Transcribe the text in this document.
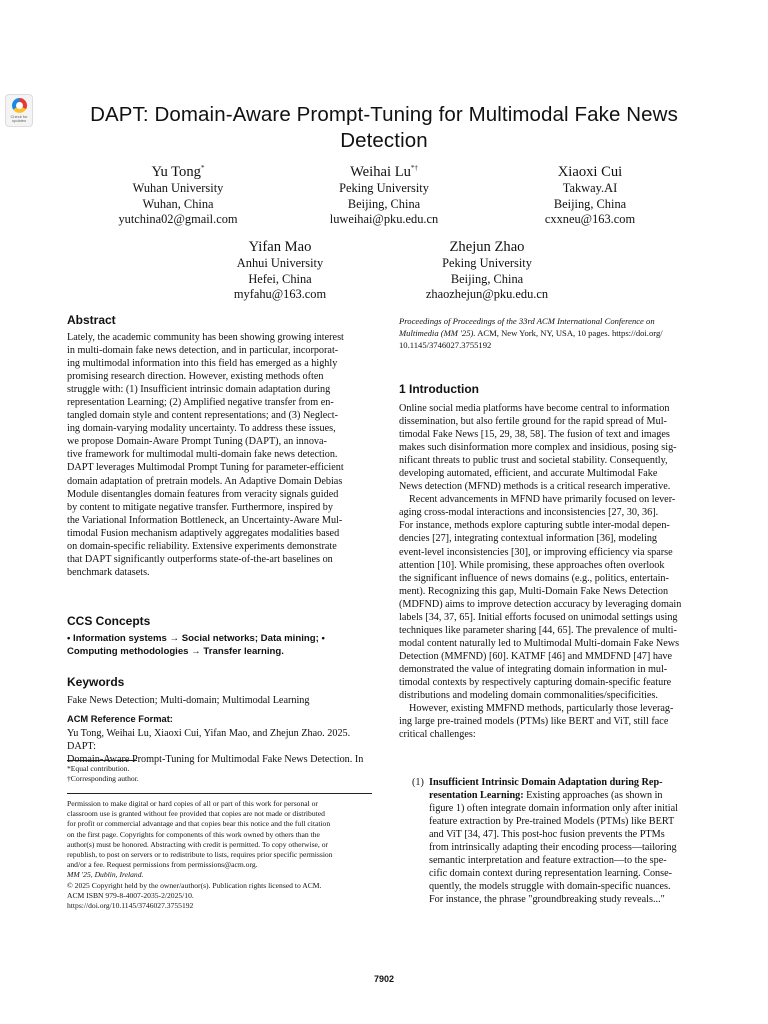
Check for updates	DAPT: Domain-Aware Prompt-Tuning for Multimodal Fake News Detection
Yu Tong*
Wuhan University
Wuhan, China
yutchina02@gmail.com
Weihai Lu*†
Peking University
Beijing, China
luweihai@pku.edu.cn
Xiaoxi Cui
Takway.AI
Beijing, China
cxxneu@163.com
Yifan Mao
Anhui University
Hefei, China
myfahu@163.com
Zhejun Zhao
Peking University
Beijing, China
zhaozhejun@pku.edu.cn
Abstract
Lately, the academic community has been showing growing interest
in multi-domain fake news detection, and in particular, incorporat-
ing multimodal information into this field has emerged as a highly
promising research direction. However, existing methods often
struggle with: (1) Insufficient intrinsic domain adaptation during
representation Learning; (2) Amplified negative transfer from en-
tangled domain style and content representations; and (3) Neglect-
ing domain-varying modality uncertainty. To address these issues,
we propose Domain-Aware Prompt Tuning (DAPT), an innova-
tive framework for multimodal multi-domain fake news detection.
DAPT leverages Multimodal Prompt Tuning for parameter-efficient
domain adaptation of pretrain models. An Adaptive Domain Debias
Module disentangles domain features from veracity signals guided
by content to mitigate negative transfer. Furthermore, inspired by
the Variational Information Bottleneck, an Uncertainty-Aware Mul-
timodal Fusion mechanism adaptively aggregates modalities based
on domain-specific reliability. Extensive experiments demonstrate
that DAPT significantly outperforms state-of-the-art baselines on
benchmark datasets.
CCS Concepts
• Information systems → Social networks; Data mining; •
Computing methodologies → Transfer learning.
Keywords
Fake News Detection; Multi-domain; Multimodal Learning
ACM Reference Format:
Yu Tong, Weihai Lu, Xiaoxi Cui, Yifan Mao, and Zhejun Zhao. 2025. DAPT:
Domain-Aware Prompt-Tuning for Multimodal Fake News Detection. In
*Equal contribution.
†Corresponding author.
Permission to make digital or hard copies of all or part of this work for personal or
classroom use is granted without fee provided that copies are not made or distributed
for profit or commercial advantage and that copies bear this notice and the full citation
on the first page. Copyrights for components of this work owned by others than the
author(s) must be honored. Abstracting with credit is permitted. To copy otherwise, or
republish, to post on servers or to redistribute to lists, requires prior specific permission
and/or a fee. Request permissions from permissions@acm.org.
MM '25, Dublin, Ireland.
© 2025 Copyright held by the owner/author(s). Publication rights licensed to ACM.
ACM ISBN 979-8-4007-2035-2/2025/10.
https://doi.org/10.1145/3746027.3755192
Proceedings of Proceedings of the 33rd ACM International Conference on
Multimedia (MM '25). ACM, New York, NY, USA, 10 pages. https://doi.org/
10.1145/3746027.3755192
1 Introduction
Online social media platforms have become central to information
dissemination, but also fertile ground for the rapid spread of Mul-
timodal Fake News [15, 29, 38, 58]. The fusion of text and images
makes such disinformation more complex and insidious, posing sig-
nificant threats to public trust and societal stability. Consequently,
developing automated, efficient, and accurate Multimodal Fake
News detection (MFND) methods is a critical research imperative.
Recent advancements in MFND have primarily focused on lever-
aging cross-modal interactions and inconsistencies [27, 30, 36].
For instance, methods explore capturing subtle inter-modal depen-
dencies [27], integrating contextual information [36], modeling
event-level inconsistencies [30], or improving efficiency via sparse
attention [10]. While promising, these approaches often overlook
the significant influence of news domains (e.g., politics, entertain-
ment). Recognizing this gap, Multi-Domain Fake News Detection
(MDFND) aims to improve detection accuracy by leveraging domain
labels [34, 37, 65]. Initial efforts focused on unimodal settings using
techniques like parameter sharing [44, 65]. The prevalence of multi-
modal content naturally led to Multimodal Multi-domain Fake News
Detection (MMFND) [60]. KATMF [46] and MMDFND [47] have
demonstrated the value of integrating domain information in mul-
timodal contexts by respectively capturing domain-specific feature
distributions and modeling domain commonalities/specificities.
However, existing MMFND methods, particularly those leverag-
ing large pre-trained models (PTMs) like BERT and ViT, still face
critical challenges:
(1) Insufficient Intrinsic Domain Adaptation during Rep-
resentation Learning: Existing approaches (as shown in
figure 1) often integrate domain information only after initial
feature extraction by Pre-trained Models (PTMs) like BERT
and ViT [34, 47]. This post-hoc fusion prevents the PTMs
from intrinsically adapting their encoding process—tailoring
semantic interpretation and feature extraction—to the spe-
cific domain context during representation learning. Conse-
quently, the models struggle with domain-specific nuances.
For instance, the phrase "groundbreaking study reveals..."
7902
